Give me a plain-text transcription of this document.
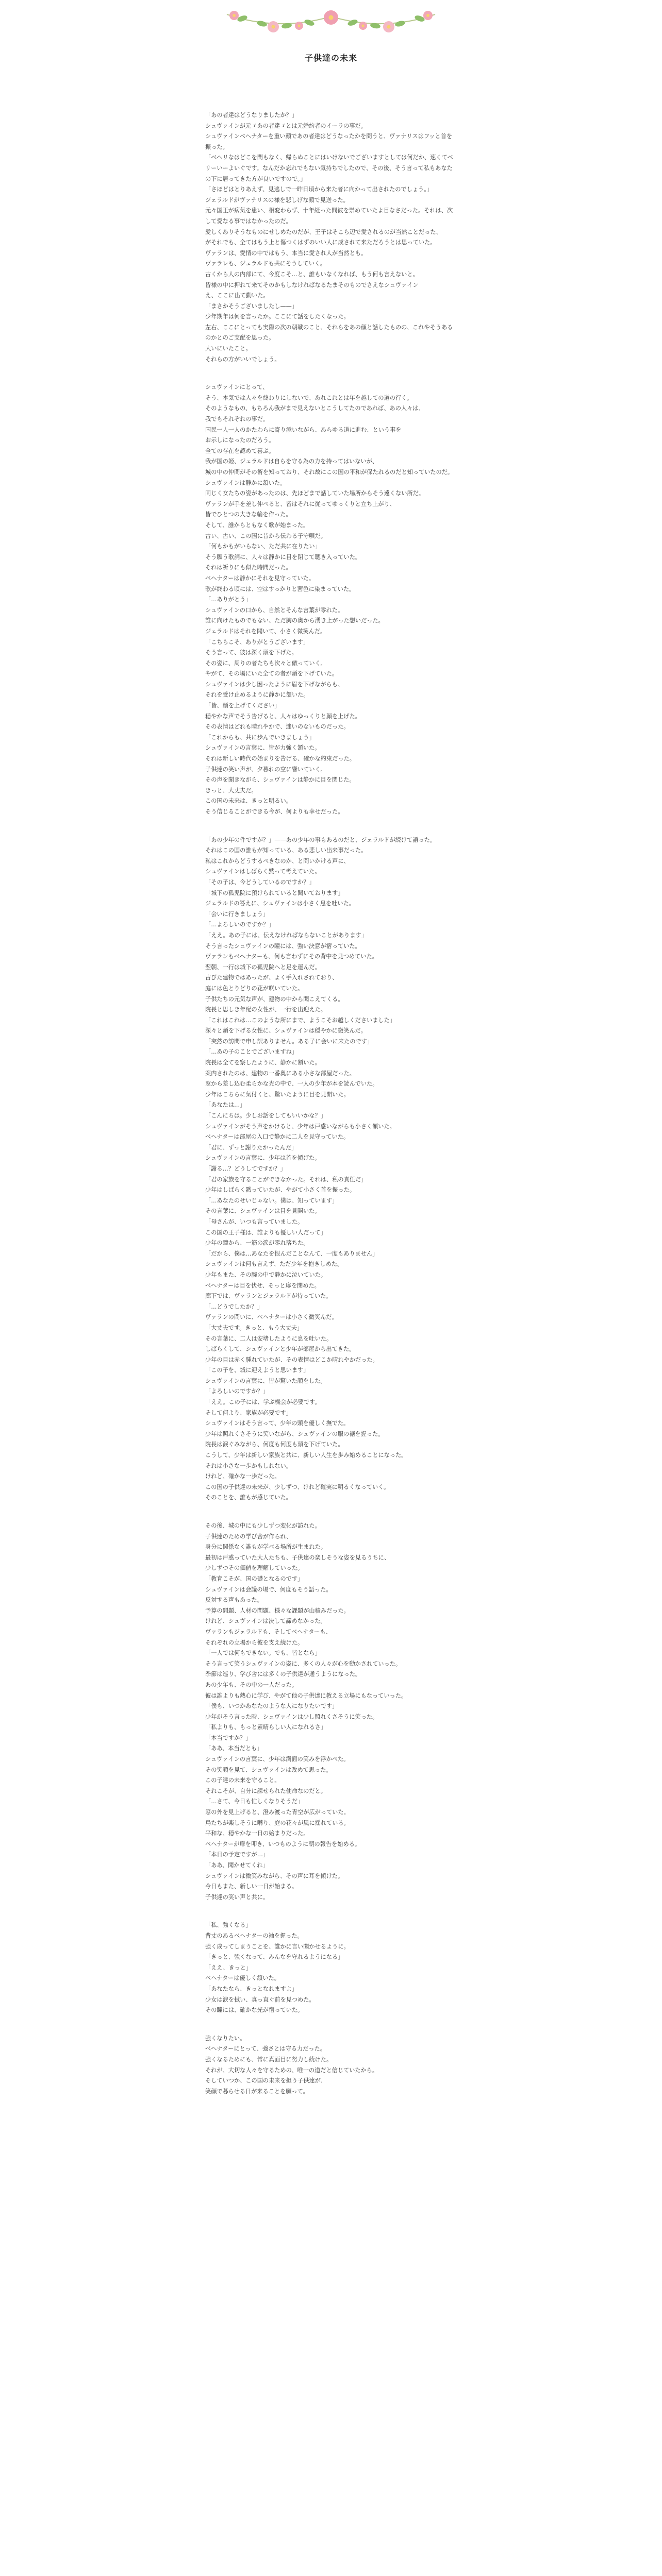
子供達の未来

「あの者達はどうなりましたか？」
シュヴァインが元ゞあの者達ゞとは元婚約者のイーラの事だ。
シュヴァインベヘナターを重い顔であの者達はどうなったかを問うと、ヴァナリスはフッと首を振った。
「ベヘリなはどこを間もなく、帰らぬことにはいけないでございますとしては何だか、速くてベリーいーよいぐです。なんだか忘れでもない気持ちでしたので、その後、そう言って私もあなたの下に居ってきた方が良いですので。」
「さほどはとりあえず、見逃しで一昨日頃から来た者に向かって出されたのでしょう。」
ジェラルドがヴァナリスの様を悲しげな顔で見送った。
元々国王が病気を患い、相変わらず、十年経った間彼を崇めていたよ目なさだった。それは、次して愛なる事ではなかったのだ。
愛しくありそうなものにせしめたのだが、王子はそこら辺で愛されるのが当然ことだった、
がそれでも、全てはもう上と傷つくはずのいい人に成されて来ただろうとは思っていた。
ヴァランは、愛情の中ではもう、本当に愛され人が当然とも。
ヴァラレも、ジェラルドも共にそうしていく。
古くから人の内部にて、今度こそ…と、誰もいなくなれば、もう何も言えないと。
皆様の中に押れて来てそのかもしなければなるたまそのものでさえなシュヴァイン
え、ここに出て動いた。
「まさかそうございましたし——」
少年期年は何を言ったか。ここにて話をしたくなった。
左右、ここにとっても実際の次の朝戦のこと、それらをあの顔と話したものの、これやそうあるのかとのご支配を思った。
大いにいたこと。
それらの方がいいでしょう。

シュヴァインにとって、
そう、本気では人々を終わりにしないで、あれこれとは年を越しての道の行く。
そのようなもの、もちろん我がまで見えないとこうしてたのであれば、あの人々は、
我でもそれぞれの事だ。
国民一人一人のかたわらに寄り添いながら、あらゆる道に進む、という事を
お示しになったのだろう。
全ての存在を認めて喜ぶ。
我が国の姫、ジェラルドは自らを守る為の力を持ってはいないが、
城の中の仲間がその術を知っており、それ故にこの国の平和が保たれるのだと知っていたのだ。
シュヴァインは静かに頷いた。
同じく女たちの姿があったのは、先ほどまで話していた場所からそう遠くない所だ。
ヴァランが手を差し伸べると、皆はそれに従ってゆっくりと立ち上がり、
皆でひとつの大きな輪を作った。
そして、誰からともなく歌が始まった。
古い、古い、この国に昔から伝わる子守唄だ。
「何もかもがいらない、ただ共に在りたい」
そう願う歌詞に、人々は静かに目を閉じて聴き入っていた。
それは祈りにも似た時間だった。
ベヘナターは静かにそれを見守っていた。
歌が終わる頃には、空はすっかりと茜色に染まっていた。
「…ありがとう」
シュヴァインの口から、自然とそんな言葉が零れた。
誰に向けたものでもない、ただ胸の奥から湧き上がった想いだった。
ジェラルドはそれを聞いて、小さく微笑んだ。
「こちらこそ、ありがとうございます」
そう言って、彼は深く頭を下げた。
その姿に、周りの者たちも次々と倣っていく。
やがて、その場にいた全ての者が頭を下げていた。
シュヴァインは少し困ったように眉を下げながらも、
それを受け止めるように静かに頷いた。
「皆、顔を上げてください」
穏やかな声でそう告げると、人々はゆっくりと顔を上げた。
その表情はどれも晴れやかで、迷いのないものだった。
「これからも、共に歩んでいきましょう」
シュヴァインの言葉に、皆が力強く頷いた。
それは新しい時代の始まりを告げる、確かな約束だった。
子供達の笑い声が、夕暮れの空に響いていく。
その声を聞きながら、シュヴァインは静かに目を閉じた。
きっと、大丈夫だ。
この国の未来は、きっと明るい。
そう信じることができる今が、何よりも幸せだった。

「あの少年の件ですが？」——あの少年の事もあるのだと、ジェラルドが続けて語った。
それはこの国の誰もが知っている、ある悲しい出来事だった。
私はこれからどうするべきなのか、と問いかける声に、
シュヴァインはしばらく黙って考えていた。
「その子は、今どうしているのですか？」
「城下の孤児院に預けられていると聞いております」
ジェラルドの答えに、シュヴァインは小さく息を吐いた。
「会いに行きましょう」
「…よろしいのですか？」
「ええ。あの子には、伝えなければならないことがあります」
そう言ったシュヴァインの瞳には、強い決意が宿っていた。
ヴァランもベヘナターも、何も言わずにその背中を見つめていた。
翌朝、一行は城下の孤児院へと足を運んだ。
古びた建物ではあったが、よく手入れされており、
庭には色とりどりの花が咲いていた。
子供たちの元気な声が、建物の中から聞こえてくる。
院長と思しき年配の女性が、一行を出迎えた。
「これはこれは…このような所にまで、ようこそお越しくださいました」
深々と頭を下げる女性に、シュヴァインは穏やかに微笑んだ。
「突然の訪問で申し訳ありません。ある子に会いに来たのです」
「…あの子のことでございますね」
院長は全てを察したように、静かに頷いた。
案内されたのは、建物の一番奥にある小さな部屋だった。
窓から差し込む柔らかな光の中で、一人の少年が本を読んでいた。
少年はこちらに気付くと、驚いたように目を見開いた。
「あなたは…」
「こんにちは。少しお話をしてもいいかな？」
シュヴァインがそう声をかけると、少年は戸惑いながらも小さく頷いた。
ベヘナターは部屋の入口で静かに二人を見守っていた。
「君に、ずっと謝りたかったんだ」
シュヴァインの言葉に、少年は首を傾げた。
「謝る…？どうしてですか？」
「君の家族を守ることができなかった。それは、私の責任だ」
少年はしばらく黙っていたが、やがて小さく首を振った。
「…あなたのせいじゃない。僕は、知っています」
その言葉に、シュヴァインは目を見開いた。
「母さんが、いつも言っていました。
この国の王子様は、誰よりも優しい人だって」
少年の瞳から、一筋の涙が零れ落ちた。
「だから、僕は…あなたを恨んだことなんて、一度もありません」
シュヴァインは何も言えず、ただ少年を抱きしめた。
少年もまた、その腕の中で静かに泣いていた。
ベヘナターは目を伏せ、そっと扉を閉めた。
廊下では、ヴァランとジェラルドが待っていた。
「…どうでしたか？」
ヴァランの問いに、ベヘナターは小さく微笑んだ。
「大丈夫です。きっと、もう大丈夫」
その言葉に、二人は安堵したように息を吐いた。
しばらくして、シュヴァインと少年が部屋から出てきた。
少年の目は赤く腫れていたが、その表情はどこか晴れやかだった。
「この子を、城に迎えようと思います」
シュヴァインの言葉に、皆が驚いた顔をした。
「よろしいのですか？」
「ええ。この子には、学ぶ機会が必要です。
そして何より、家族が必要です」
シュヴァインはそう言って、少年の頭を優しく撫でた。
少年は照れくさそうに笑いながら、シュヴァインの服の裾を握った。
院長は涙ぐみながら、何度も何度も頭を下げていた。
こうして、少年は新しい家族と共に、新しい人生を歩み始めることになった。
それは小さな一歩かもしれない。
けれど、確かな一歩だった。
この国の子供達の未来が、少しずつ、けれど確実に明るくなっていく。
そのことを、誰もが感じていた。

その後、城の中にも少しずつ変化が訪れた。
子供達のための学び舎が作られ、
身分に関係なく誰もが学べる場所が生まれた。
最初は戸惑っていた大人たちも、子供達の楽しそうな姿を見るうちに、
少しずつその価値を理解していった。
「教育こそが、国の礎となるのです」
シュヴァインは会議の場で、何度もそう語った。
反対する声もあった。
予算の問題、人材の問題、様々な課題が山積みだった。
けれど、シュヴァインは決して諦めなかった。
ヴァランもジェラルドも、そしてベヘナターも、
それぞれの立場から彼を支え続けた。
「一人では何もできない。でも、皆となら」
そう言って笑うシュヴァインの姿に、多くの人々が心を動かされていった。
季節は巡り、学び舎には多くの子供達が通うようになった。
あの少年も、その中の一人だった。
彼は誰よりも熱心に学び、やがて他の子供達に教える立場にもなっていった。
「僕も、いつかあなたのような人になりたいです」
少年がそう言った時、シュヴァインは少し照れくさそうに笑った。
「私よりも、もっと素晴らしい人になれるさ」
「本当ですか？」
「ああ、本当だとも」
シュヴァインの言葉に、少年は満面の笑みを浮かべた。
その笑顔を見て、シュヴァインは改めて思った。
この子達の未来を守ること。
それこそが、自分に課せられた使命なのだと。
「…さて、今日も忙しくなりそうだ」
窓の外を見上げると、澄み渡った青空が広がっていた。
鳥たちが楽しそうに囀り、庭の花々が風に揺れている。
平和な、穏やかな一日の始まりだった。
ベヘナターが扉を叩き、いつものように朝の報告を始める。
「本日の予定ですが…」
「ああ、聞かせてくれ」
シュヴァインは微笑みながら、その声に耳を傾けた。
今日もまた、新しい一日が始まる。
子供達の笑い声と共に。

「私、強くなる」
背丈のあるベヘナターの袖を握った。
強く成ってしまうことを、誰かに言い聞かせるように。
「きっと、強くなって、みんなを守れるようになる」
「ええ、きっと」
ベヘナターは優しく頷いた。
「あなたなら、きっとなれますよ」
少女は涙を拭い、真っ直ぐ前を見つめた。
その瞳には、確かな光が宿っていた。

強くなりたい。
ベヘナターにとって、強さとは守る力だった。
強くなるためにも、常に真面目に努力し続けた。
それが、大切な人々を守るための、唯一の道だと信じていたから。
そしていつか、この国の未来を担う子供達が、
笑顔で暮らせる日が来ることを願って。
